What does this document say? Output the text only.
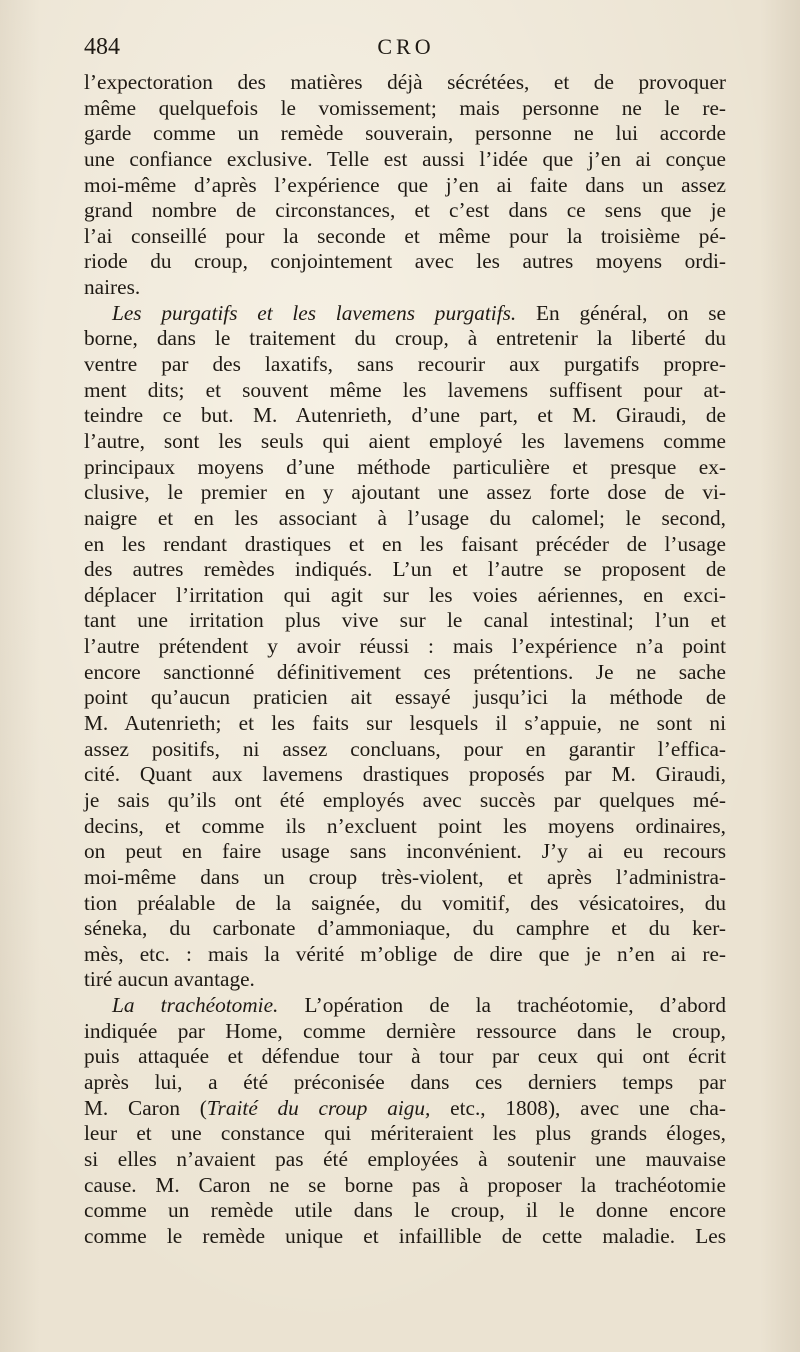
484	CRO
l’expectoration des matières déjà sécrétées, et de provoquer
même quelquefois le vomissement; mais personne ne le re-
garde comme un remède souverain, personne ne lui accorde
une confiance exclusive. Telle est aussi l’idée que j’en ai conçue
moi-même d’après l’expérience que j’en ai faite dans un assez
grand nombre de circonstances, et c’est dans ce sens que je
l’ai conseillé pour la seconde et même pour la troisième pé-
riode du croup, conjointement avec les autres moyens ordi-
naires.
Les purgatifs et les lavemens purgatifs. En général, on se
borne, dans le traitement du croup, à entretenir la liberté du
ventre par des laxatifs, sans recourir aux purgatifs propre-
ment dits; et souvent même les lavemens suffisent pour at-
teindre ce but. M. Autenrieth, d’une part, et M. Giraudi, de
l’autre, sont les seuls qui aient employé les lavemens comme
principaux moyens d’une méthode particulière et presque ex-
clusive, le premier en y ajoutant une assez forte dose de vi-
naigre et en les associant à l’usage du calomel; le second,
en les rendant drastiques et en les faisant précéder de l’usage
des autres remèdes indiqués. L’un et l’autre se proposent de
déplacer l’irritation qui agit sur les voies aériennes, en exci-
tant une irritation plus vive sur le canal intestinal; l’un et
l’autre prétendent y avoir réussi : mais l’expérience n’a point
encore sanctionné définitivement ces prétentions. Je ne sache
point qu’aucun praticien ait essayé jusqu’ici la méthode de
M. Autenrieth; et les faits sur lesquels il s’appuie, ne sont ni
assez positifs, ni assez concluans, pour en garantir l’effica-
cité. Quant aux lavemens drastiques proposés par M. Giraudi,
je sais qu’ils ont été employés avec succès par quelques mé-
decins, et comme ils n’excluent point les moyens ordinaires,
on peut en faire usage sans inconvénient. J’y ai eu recours
moi-même dans un croup très-violent, et après l’administra-
tion préalable de la saignée, du vomitif, des vésicatoires, du
séneka, du carbonate d’ammoniaque, du camphre et du ker-
mès, etc. : mais la vérité m’oblige de dire que je n’en ai re-
tiré aucun avantage.
La trachéotomie. L’opération de la trachéotomie, d’abord
indiquée par Home, comme dernière ressource dans le croup,
puis attaquée et défendue tour à tour par ceux qui ont écrit
après lui, a été préconisée dans ces derniers temps par
M. Caron (Traité du croup aigu, etc., 1808), avec une cha-
leur et une constance qui mériteraient les plus grands éloges,
si elles n’avaient pas été employées à soutenir une mauvaise
cause. M. Caron ne se borne pas à proposer la trachéotomie
comme un remède utile dans le croup, il le donne encore
comme le remède unique et infaillible de cette maladie. Les
